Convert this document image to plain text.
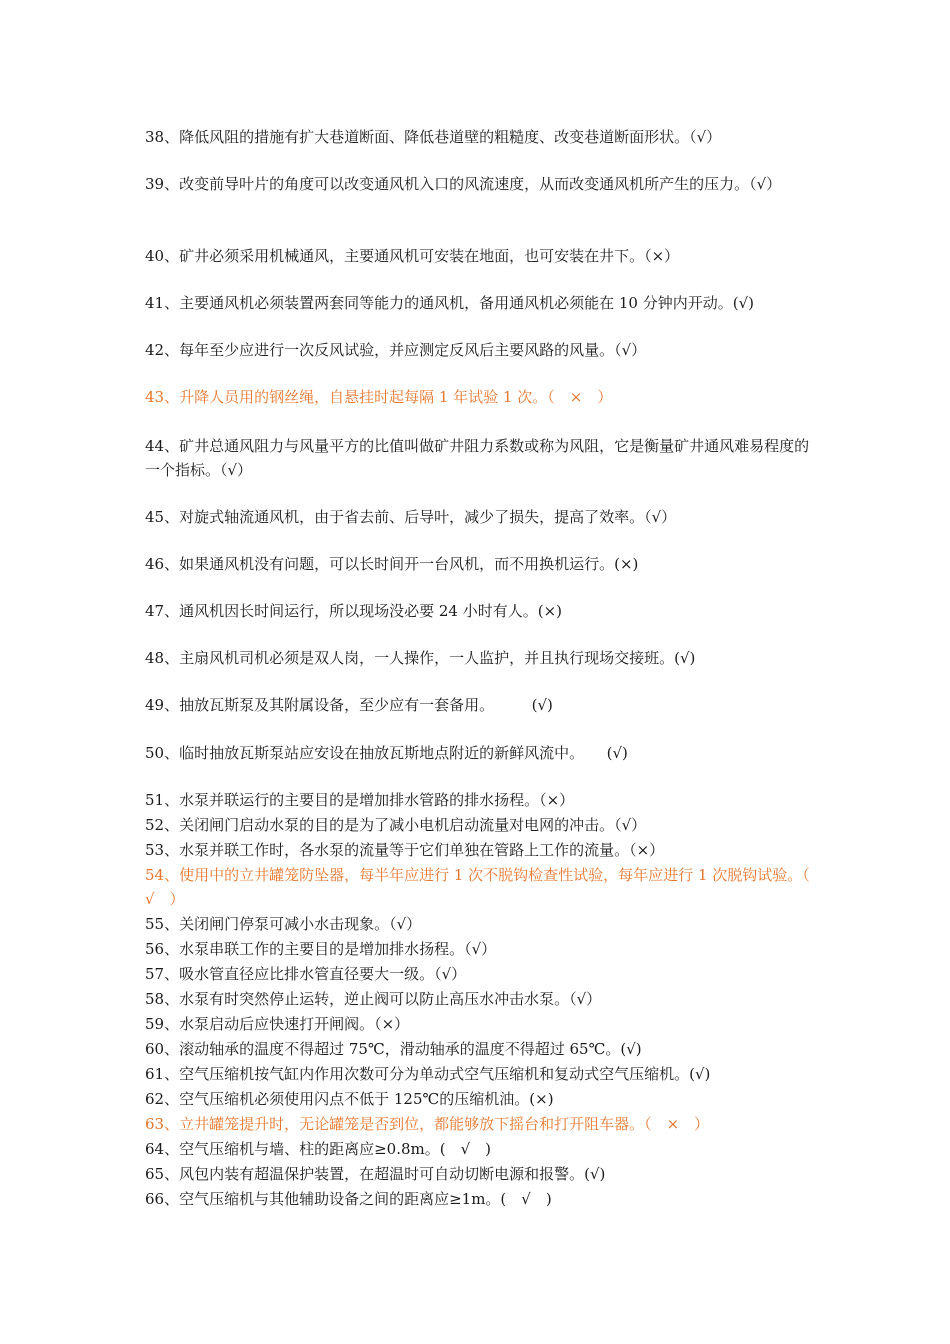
38、降低风阻的措施有扩大巷道断面、降低巷道壁的粗糙度、改变巷道断面形状。（√）

39、改变前导叶片的角度可以改变通风机入口的风流速度，从而改变通风机所产生的压力。（√）

40、矿井必须采用机械通风，主要通风机可安装在地面，也可安装在井下。（×）

41、主要通风机必须装置两套同等能力的通风机，备用通风机必须能在 10 分钟内开动。(√)

42、每年至少应进行一次反风试验，并应测定反风后主要风路的风量。（√）

43、升降人员用的钢丝绳，自悬挂时起每隔 1 年试验 1 次。（　×　）

44、矿井总通风阻力与风量平方的比值叫做矿井阻力系数或称为风阻，它是衡量矿井通风难易程度的一个指标。（√）

45、对旋式轴流通风机，由于省去前、后导叶，减少了损失，提高了效率。（√）

46、如果通风机没有问题，可以长时间开一台风机，而不用换机运行。(×)

47、通风机因长时间运行，所以现场没必要 24 小时有人。(×)

48、主扇风机司机必须是双人岗，一人操作，一人监护，并且执行现场交接班。(√)

49、抽放瓦斯泵及其附属设备，至少应有一套备用。　　　(√)

50、临时抽放瓦斯泵站应安设在抽放瓦斯地点附近的新鲜风流中。　　(√)

51、水泵并联运行的主要目的是增加排水管路的排水扬程。（×）

52、关闭闸门启动水泵的目的是为了减小电机启动流量对电网的冲击。（√）

53、水泵并联工作时，各水泵的流量等于它们单独在管路上工作的流量。（×）

54、使用中的立井罐笼防坠器，每半年应进行 1 次不脱钩检查性试验，每年应进行 1 次脱钩试验。（　√　）

55、关闭闸门停泵可减小水击现象。（√）

56、水泵串联工作的主要目的是增加排水扬程。（√）

57、吸水管直径应比排水管直径要大一级。（√）

58、水泵有时突然停止运转，逆止阀可以防止高压水冲击水泵。（√）

59、水泵启动后应快速打开闸阀。（×）

60、滚动轴承的温度不得超过 75℃，滑动轴承的温度不得超过 65℃。(√)

61、空气压缩机按气缸内作用次数可分为单动式空气压缩机和复动式空气压缩机。(√)

62、空气压缩机必须使用闪点不低于 125℃的压缩机油。(×)

63、立井罐笼提升时，无论罐笼是否到位，都能够放下摇台和打开阻车器。（　×　）

64、空气压缩机与墙、柱的距离应≥0.8m。(　√　)

65、风包内装有超温保护装置，在超温时可自动切断电源和报警。(√)

66、空气压缩机与其他辅助设备之间的距离应≥1m。(　√　)
